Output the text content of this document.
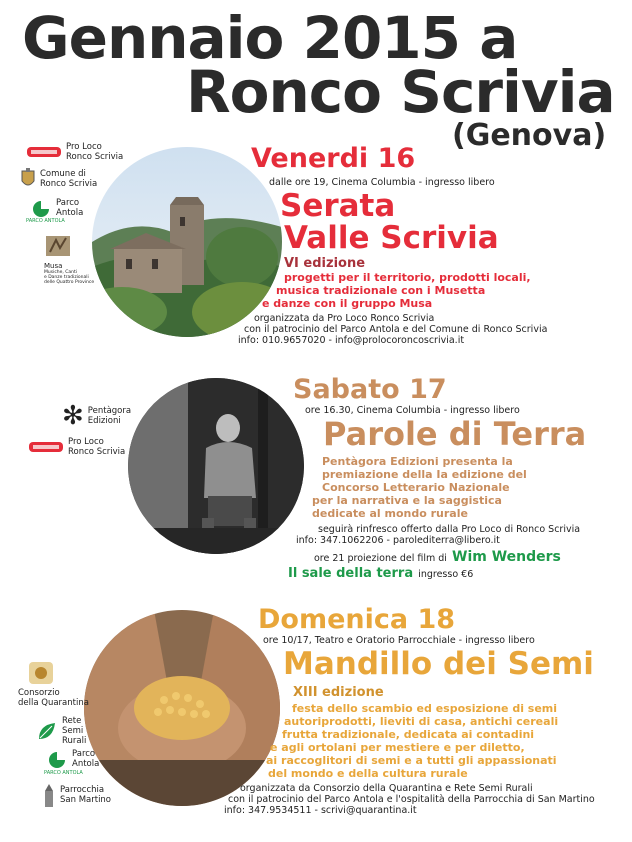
Gennaio 2015 a
Ronco Scrivia
(Genova)
Pro Loco
Ronco Scrivia
Comune di
Ronco Scrivia
Parco
Antola
PARCO ANTOLA
Musa
Musiche, Canti
e Danze tradizionali
delle Quattro Province
Venerdi 16
dalle ore 19, Cinema Columbia - ingresso libero
Serata
Valle Scrivia
VI edizione
progetti per il territorio, prodotti locali,
musica tradizionale con i Musetta
e danze con il gruppo Musa
organizzata da Pro Loco Ronco Scrivia
con il patrocinio del Parco Antola e del Comune di Ronco Scrivia
info: 010.9657020 - info@prolocoroncoscrivia.it
✻ Pentàgora
Edizioni
Pro Loco
Ronco Scrivia
Sabato 17
ore 16.30, Cinema Columbia - ingresso libero
Parole di Terra
Pentàgora Edizioni presenta la
premiazione della Ia edizione del
Concorso Letterario Nazionale
per la narrativa e la saggistica
dedicate al mondo rurale
seguirà rinfresco offerto dalla Pro Loco di Ronco Scrivia
info: 347.1062206 - parolediterra@libero.it
ore 21 proiezione del film di Wim Wenders
Il sale della terra ingresso €6
Consorzio
della Quarantina
Rete
Semi
Rurali
Parco
Antola
PARCO ANTOLA
Parrocchia
San Martino
Domenica 18
ore 10/17, Teatro e Oratorio Parrocchiale - ingresso libero
Mandillo dei Semi
XIII edizione
festa dello scambio ed esposizione di semi
autoriprodotti, lieviti di casa, antichi cereali
frutta tradizionale, dedicata ai contadini
e agli ortolani per mestiere e per diletto,
ai raccoglitori di semi e a tutti gli appassionati
del mondo e della cultura rurale
organizzata da Consorzio della Quarantina e Rete Semi Rurali
con il patrocinio del Parco Antola e l'ospitalità della Parrocchia di San Martino
info: 347.9534511 - scrivi@quarantina.it
